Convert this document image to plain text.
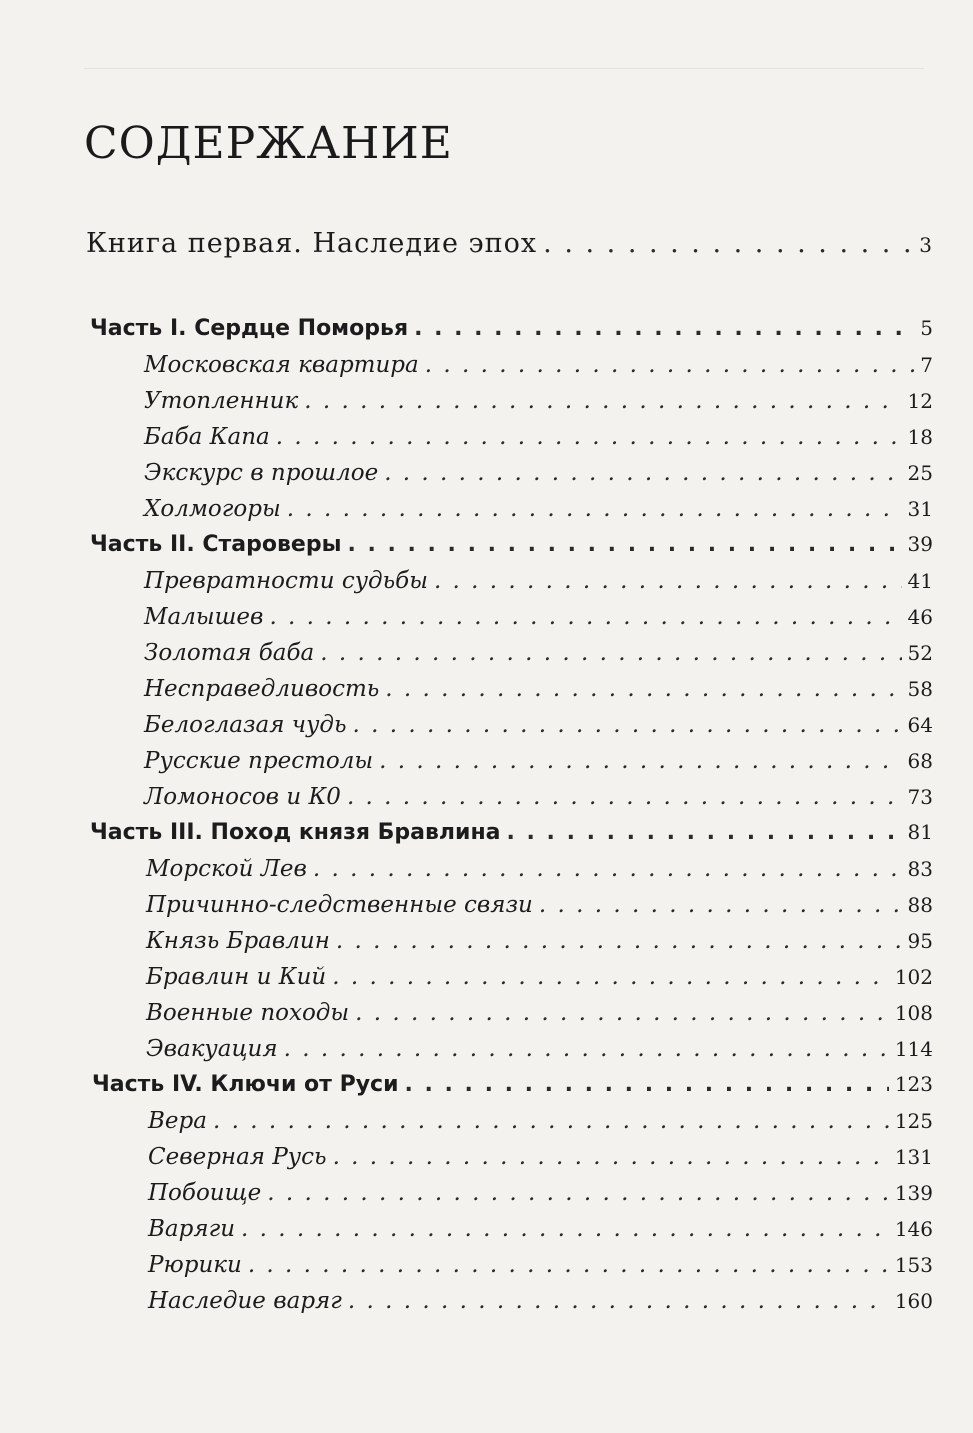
СОДЕРЖАНИЕ
Книга первая. Наследие эпох . . .	3
Часть I. Сердце Поморья . . .	5
Московская квартира . . .	7
Утопленник . . .	12
Баба Капа . . .	18
Экскурс в прошлое . . .	25
Холмогоры . . .	31
Часть II. Староверы . . .	39
Превратности судьбы . . .	41
Малышев . . .	46
Золотая баба . . .	52
Несправедливость . . .	58
Белоглазая чудь . . .	64
Русские престолы . . .	68
Ломоносов и К0 . . .	73
Часть III. Поход князя Бравлина . . .	81
Морской Лев . . .	83
Причинно-следственные связи . . .	88
Князь Бравлин . . .	95
Бравлин и Кий . . .	102
Военные походы . . .	108
Эвакуация . . .	114
Часть IV. Ключи от Руси . . .	123
Вера . . .	125
Северная Русь . . .	131
Побоище . . .	139
Варяги . . .	146
Рюрики . . .	153
Наследие варяг . . .	160
